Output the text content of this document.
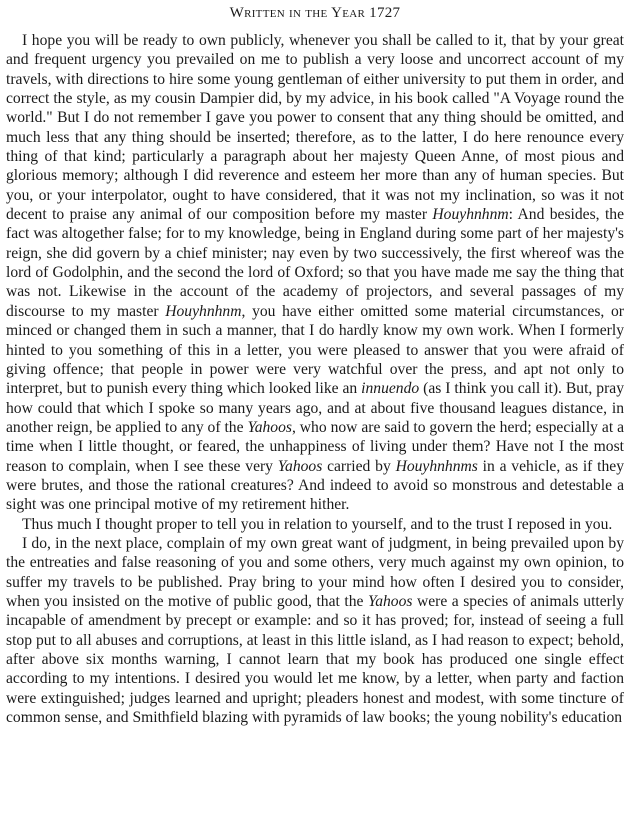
Written in the Year 1727

I hope you will be ready to own publicly, whenever you shall be called to it, that by your great and frequent urgency you prevailed on me to publish a very loose and uncorrect account of my travels, with directions to hire some young gentleman of either university to put them in order, and correct the style, as my cousin Dampier did, by my advice, in his book called "A Voyage round the world." But I do not remember I gave you power to consent that any thing should be omitted, and much less that any thing should be inserted; therefore, as to the latter, I do here renounce every thing of that kind; particularly a paragraph about her majesty Queen Anne, of most pious and glorious memory; although I did reverence and esteem her more than any of human species. But you, or your interpolator, ought to have considered, that it was not my inclination, so was it not decent to praise any animal of our composition before my master Houyhnhnm: And besides, the fact was altogether false; for to my knowledge, being in England during some part of her majesty's reign, she did govern by a chief minister; nay even by two successively, the first whereof was the lord of Godolphin, and the second the lord of Oxford; so that you have made me say the thing that was not. Likewise in the account of the academy of projectors, and several passages of my discourse to my master Houyhnhnm, you have either omitted some material circumstances, or minced or changed them in such a manner, that I do hardly know my own work. When I formerly hinted to you something of this in a letter, you were pleased to answer that you were afraid of giving offence; that people in power were very watchful over the press, and apt not only to interpret, but to punish every thing which looked like an innuendo (as I think you call it). But, pray how could that which I spoke so many years ago, and at about five thousand leagues distance, in another reign, be applied to any of the Yahoos, who now are said to govern the herd; especially at a time when I little thought, or feared, the unhappiness of living under them? Have not I the most reason to complain, when I see these very Yahoos carried by Houyhnhnms in a vehicle, as if they were brutes, and those the rational creatures? And indeed to avoid so monstrous and detestable a sight was one principal motive of my retirement hither.

Thus much I thought proper to tell you in relation to yourself, and to the trust I reposed in you.

I do, in the next place, complain of my own great want of judgment, in being prevailed upon by the entreaties and false reasoning of you and some others, very much against my own opinion, to suffer my travels to be published. Pray bring to your mind how often I desired you to consider, when you insisted on the motive of public good, that the Yahoos were a species of animals utterly incapable of amendment by precept or example: and so it has proved; for, instead of seeing a full stop put to all abuses and corruptions, at least in this little island, as I had reason to expect; behold, after above six months warning, I cannot learn that my book has produced one single effect according to my intentions. I desired you would let me know, by a letter, when party and faction were extinguished; judges learned and upright; pleaders honest and modest, with some tincture of common sense, and Smithfield blazing with pyramids of law books; the young nobility's education
